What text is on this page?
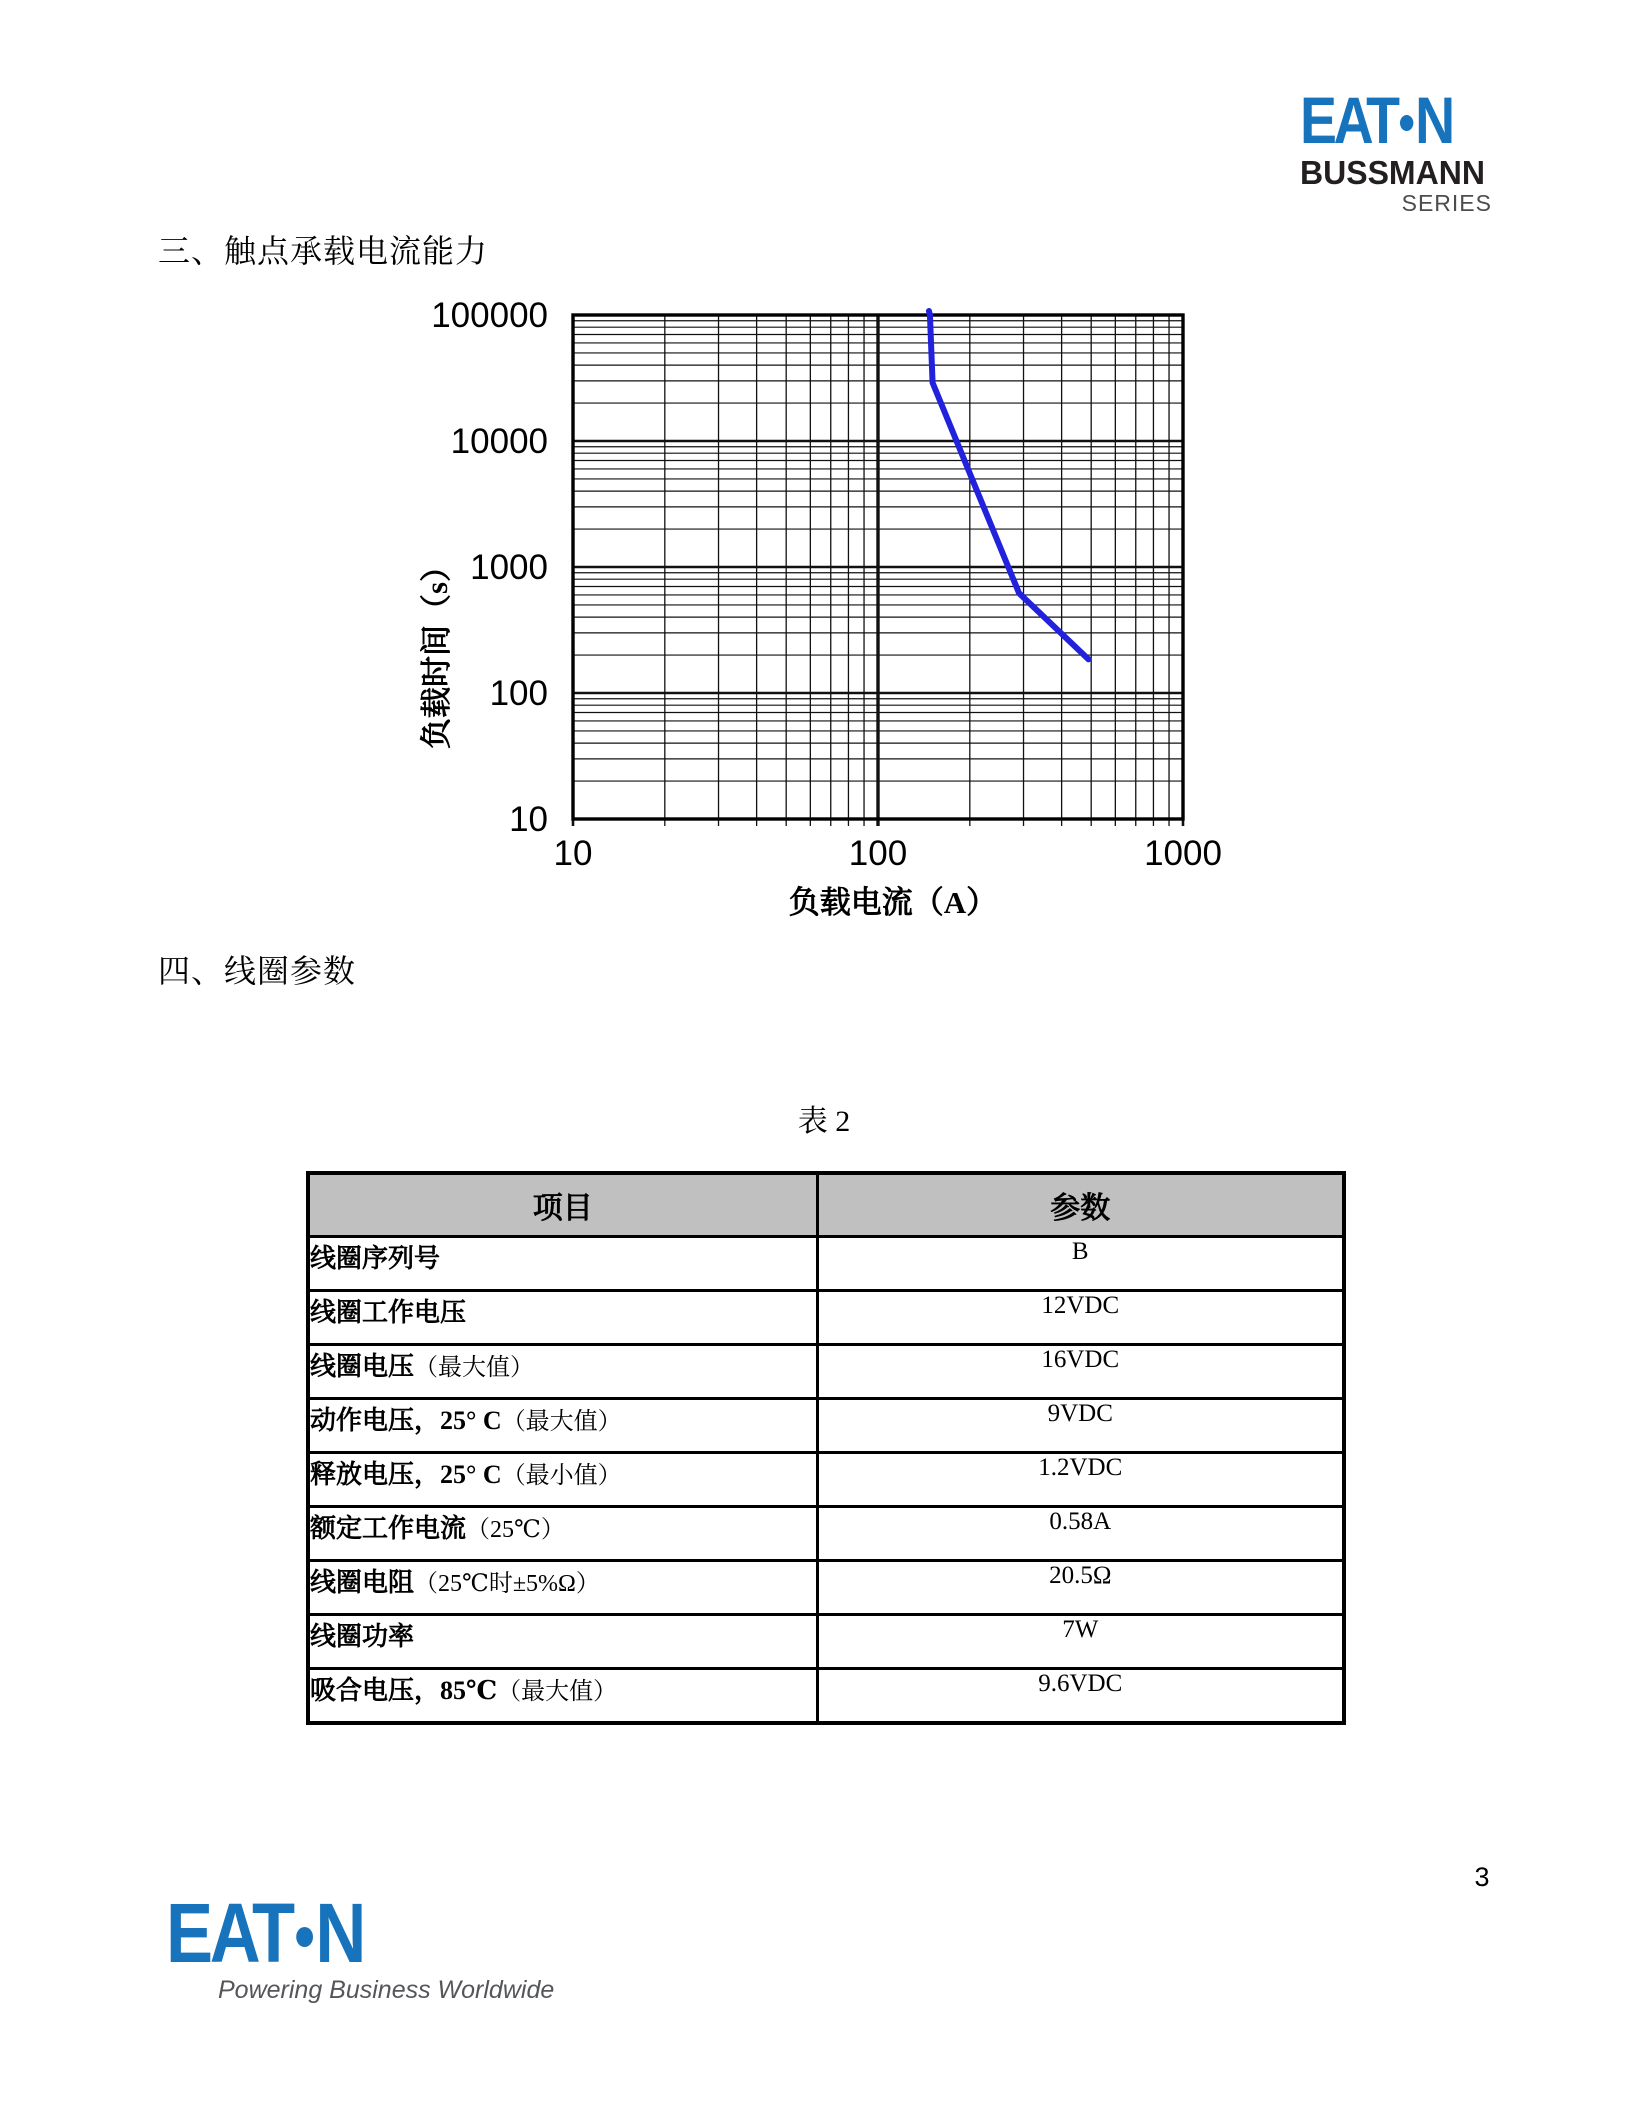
EAT N
BUSSMANN
SERIES
三、触点承载电流能力
100000
10000
1000
100
10
10	100	1000
负载电流（A）
负载时间（s）
四、线圈参数
表 2
项目	参数
线圈序列号	B
线圈工作电压	12VDC
线圈电压（最大值）	16VDC
动作电压，25° C（最大值）	9VDC
释放电压，25° C（最小值）	1.2VDC
额定工作电流（25℃）	0.58A
线圈电阻（25℃时±5%Ω）	20.5Ω
线圈功率	7W
吸合电压，85℃（最大值）	9.6VDC
EAT N
Powering Business Worldwide
3
